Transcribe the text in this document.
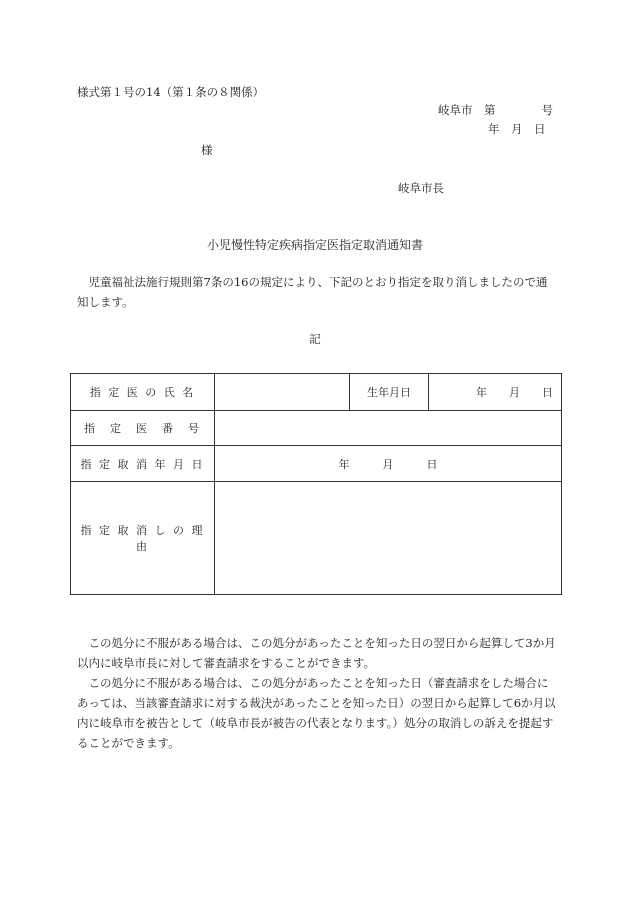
様式第１号の14（第１条の８関係）
岐阜市　第　　　　号
年　月　日
様
岐阜市長
小児慢性特定疾病指定医指定取消通知書
児童福祉法施行規則第7条の16の規定により、下記のとおり指定を取り消しましたので通知します。
記
指 定 医 の 氏 名		生年月日	年　　月　　日
指　定　医　番　号			
指 定 取 消 年 月 日	年　　　月　　　日		
指 定 取 消 し の 理 由			

この処分に不服がある場合は、この処分があったことを知った日の翌日から起算して3か月以内に岐阜市長に対して審査請求をすることができます。

この処分に不服がある場合は、この処分があったことを知った日（審査請求をした場合にあっては、当該審査請求に対する裁決があったことを知った日）の翌日から起算して6か月以内に岐阜市を被告として（岐阜市長が被告の代表となります。）処分の取消しの訴えを提起することができます。
